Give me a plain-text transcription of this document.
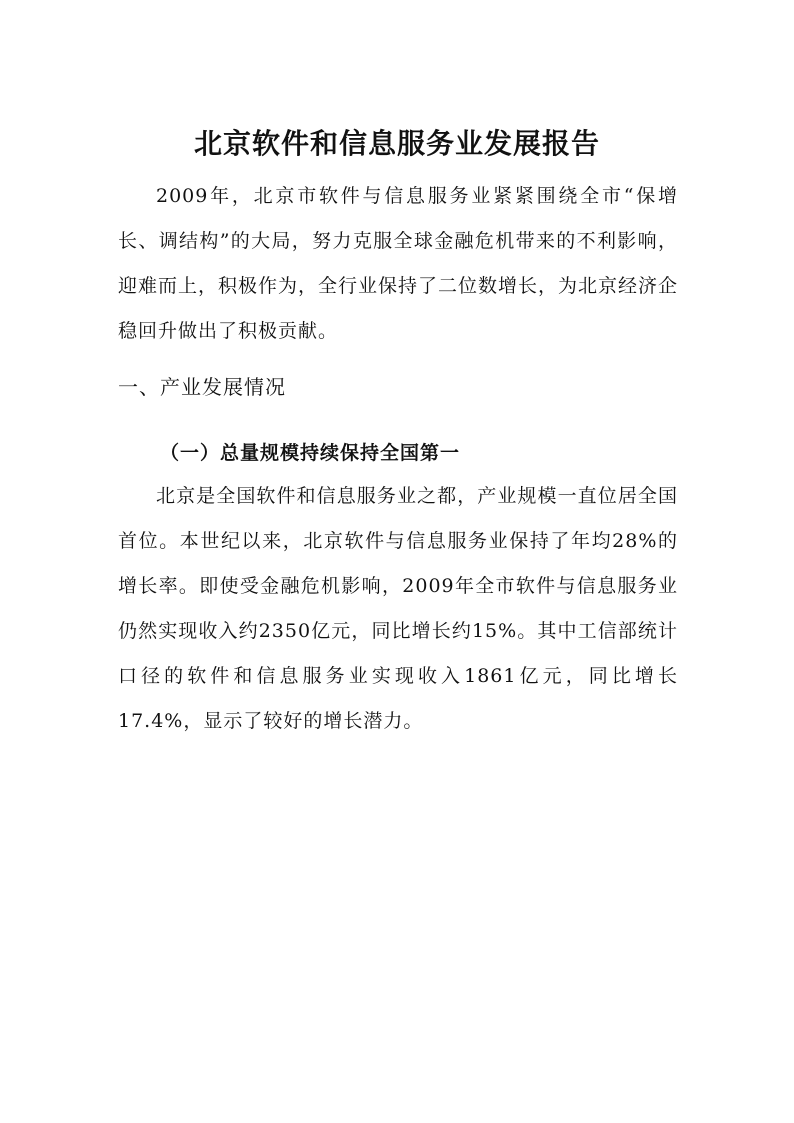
北京软件和信息服务业发展报告

2009年，北京市软件与信息服务业紧紧围绕全市“保增长、调结构”的大局，努力克服全球金融危机带来的不利影响，迎难而上，积极作为，全行业保持了二位数增长，为北京经济企稳回升做出了积极贡献。

一、产业发展情况
（一）总量规模持续保持全国第一

北京是全国软件和信息服务业之都，产业规模一直位居全国首位。本世纪以来，北京软件与信息服务业保持了年均28%的增长率。即使受金融危机影响，2009年全市软件与信息服务业仍然实现收入约2350亿元，同比增长约15%。其中工信部统计口径的软件和信息服务业实现收入1861亿元，同比增长17.4%，显示了较好的增长潜力。
